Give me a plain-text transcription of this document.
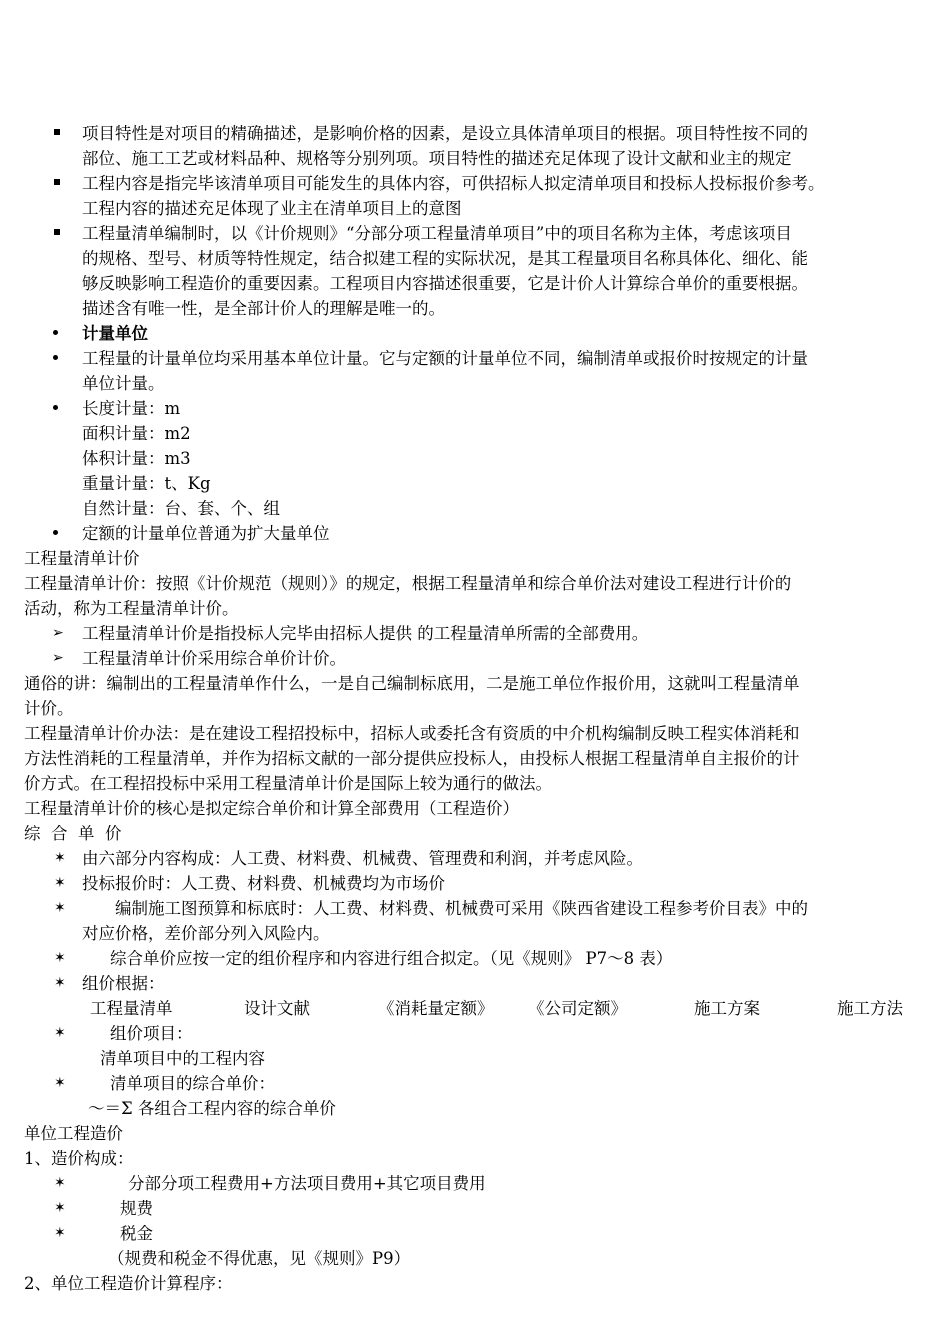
项目特性是对项目的精确描述，是影响价格的因素，是设立具体清单项目的根据。项目特性按不同的
部位、施工工艺或材料品种、规格等分别列项。项目特性的描述充足体现了设计文献和业主的规定
工程内容是指完毕该清单项目可能发生的具体内容，可供招标人拟定清单项目和投标人投标报价参考。
工程内容的描述充足体现了业主在清单项目上的意图
工程量清单编制时，以《计价规则》“分部分项工程量清单项目”中的项目名称为主体，考虑该项目
的规格、型号、材质等特性规定，结合拟建工程的实际状况，是其工程量项目名称具体化、细化、能
够反映影响工程造价的重要因素。工程项目内容描述很重要，它是计价人计算综合单价的重要根据。
描述含有唯一性，是全部计价人的理解是唯一的。
计量单位
工程量的计量单位均采用基本单位计量。它与定额的计量单位不同，编制清单或报价时按规定的计量
单位计量。
长度计量：m
面积计量：m2
体积计量：m3
重量计量：t、Kg
自然计量：台、套、个、组
定额的计量单位普通为扩大量单位
工程量清单计价
工程量清单计价：按照《计价规范（规则）》的规定，根据工程量清单和综合单价法对建设工程进行计价的
活动，称为工程量清单计价。
➢ 工程量清单计价是指投标人完毕由招标人提供 的工程量清单所需的全部费用。
➢ 工程量清单计价采用综合单价计价。
通俗的讲：编制出的工程量清单作什么，一是自己编制标底用，二是施工单位作报价用，这就叫工程量清单
计价。
工程量清单计价办法：是在建设工程招投标中，招标人或委托含有资质的中介机构编制反映工程实体消耗和
方法性消耗的工程量清单，并作为招标文献的一部分提供应投标人，由投标人根据工程量清单自主报价的计
价方式。在工程招投标中采用工程量清单计价是国际上较为通行的做法。
工程量清单计价的核心是拟定综合单价和计算全部费用（工程造价）
综  合  单  价
✶ 由六部分内容构成：人工费、材料费、机械费、管理费和利润，并考虑风险。
✶ 投标报价时：人工费、材料费、机械费均为市场价
✶	编制施工图预算和标底时：人工费、材料费、机械费可采用《陕西省建设工程参考价目表》中的
对应价格，差价部分列入风险内。
✶	综合单价应按一定的组价程序和内容进行组合拟定。（见《规则》 P7～8 表）
✶ 组价根据：
工程量清单	设计文献	《消耗量定额》 《公司定额》	施工方案	施工方法
✶	组价项目：
清单项目中的工程内容
✶	清单项目的综合单价：
～＝Σ 各组合工程内容的综合单价
单位工程造价
1、造价构成：
✶	分部分项工程费用+方法项目费用+其它项目费用
✶	规费
✶	税金
（规费和税金不得优惠，见《规则》P9）
2、单位工程造价计算程序：
